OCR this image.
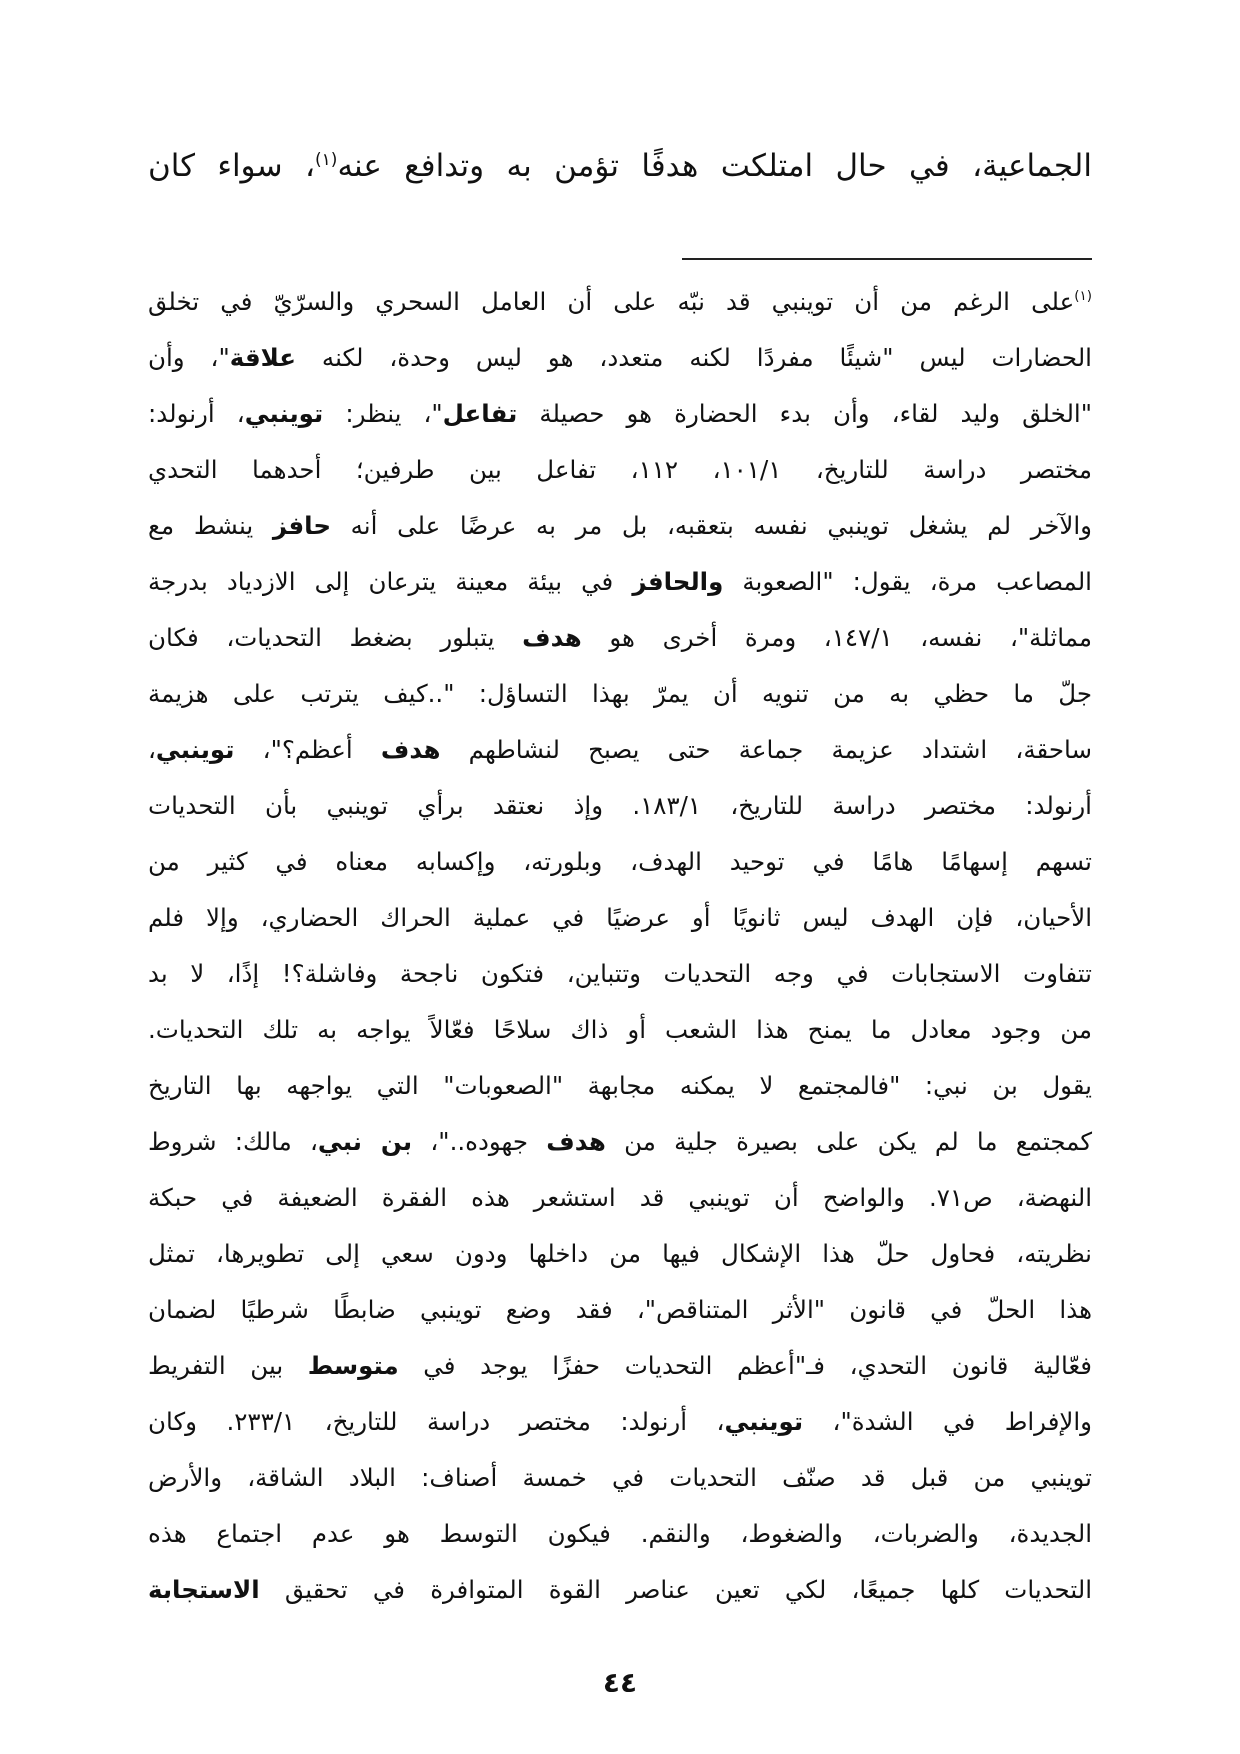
الجماعية، في حال امتلكت هدفًا تؤمن به وتدافع عنه$^{(١)}$، سواء كان
$^{(١)}$على الرغم من أن توينبي قد نبّه على أن العامل السحري والسرّيّ في تخلق
الحضارات ليس "شيئًا مفردًا لكنه متعدد، هو ليس وحدة، لكنه علاقة"، وأن
"الخلق وليد لقاء، وأن بدء الحضارة هو حصيلة تفاعل"، ينظر: توينبي، أرنولد:
مختصر دراسة للتاريخ، ١٠١/١، ١١٢، تفاعل بين طرفين؛ أحدهما التحدي
والآخر لم يشغل توينبي نفسه بتعقبه، بل مر به عرضًا على أنه حافز ينشط مع
المصاعب مرة، يقول: "الصعوبة والحافز في بيئة معينة يترعان إلى الازدياد بدرجة
مماثلة"، نفسه، ١٤٧/١، ومرة أخرى هو هدف يتبلور بضغط التحديات، فكان
جلّ ما حظي به من تنويه أن يمرّ بهذا التساؤل: "..كيف يترتب على هزيمة
ساحقة، اشتداد عزيمة جماعة حتى يصبح لنشاطهم هدف أعظم؟"، توينبي،
أرنولد: مختصر دراسة للتاريخ، ١٨٣/١. وإذ نعتقد برأي توينبي بأن التحديات
تسهم إسهامًا هامًا في توحيد الهدف، وبلورته، وإكسابه معناه في كثير من
الأحيان، فإن الهدف ليس ثانويًا أو عرضيًا في عملية الحراك الحضاري، وإلا فلم
تتفاوت الاستجابات في وجه التحديات وتتباين، فتكون ناجحة وفاشلة؟! إذًا، لا بد
من وجود معادل ما يمنح هذا الشعب أو ذاك سلاحًا فعّالاً يواجه به تلك التحديات.
يقول بن نبي: "فالمجتمع لا يمكنه مجابهة "الصعوبات" التي يواجهه بها التاريخ
كمجتمع ما لم يكن على بصيرة جلية من هدف جهوده.."، بن نبي، مالك: شروط
النهضة، ص٧١. والواضح أن توينبي قد استشعر هذه الفقرة الضعيفة في حبكة
نظريته، فحاول حلّ هذا الإشكال فيها من داخلها ودون سعي إلى تطويرها، تمثل
هذا الحلّ في قانون "الأثر المتناقص"، فقد وضع توينبي ضابطًا شرطيًا لضمان
فعّالية قانون التحدي، فـ"أعظم التحديات حفزًا يوجد في متوسط بين التفريط
والإفراط في الشدة"، توينبي، أرنولد: مختصر دراسة للتاريخ، ٢٣٣/١. وكان
توينبي من قبل قد صنّف التحديات في خمسة أصناف: البلاد الشاقة، والأرض
الجديدة، والضربات، والضغوط، والنقم. فيكون التوسط هو عدم اجتماع هذه
التحديات كلها جميعًا، لكي تعين عناصر القوة المتوافرة في تحقيق الاستجابة
٤٤
